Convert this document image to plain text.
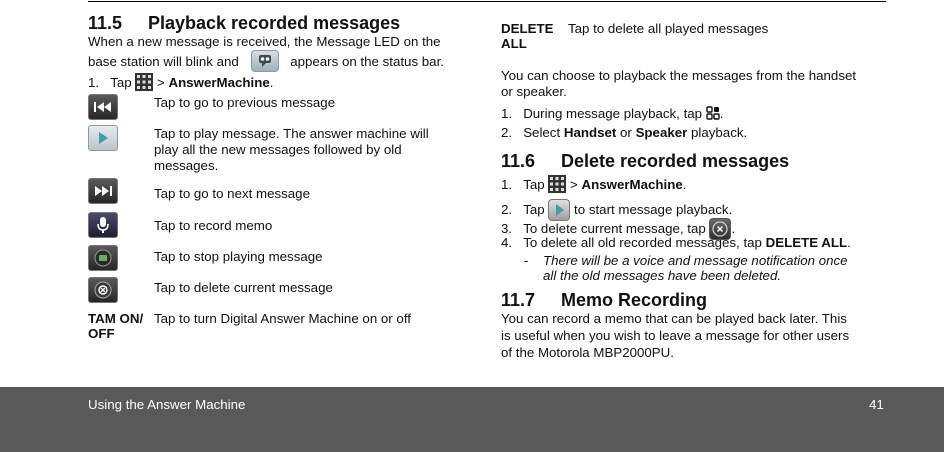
11.5 Playback recorded messages
When a new message is received, the Message LED on the
base station will blink and	appears on the status bar.
1. Tap > AnswerMachine.
Tap to go to previous message
Tap to play message. The answer machine will
play all the new messages followed by old
messages.
Tap to go to next message
Tap to record memo
Tap to stop playing message
Tap to delete current message
TAM ON/
OFF
Tap to turn Digital Answer Machine on or off
DELETE
ALL
Tap to delete all played messages
You can choose to playback the messages from the handset
or speaker.
1. During message playback, tap .
2. Select Handset or Speaker playback.
11.6 Delete recorded messages
1. Tap > AnswerMachine.
2. Tap to start message playback.
3. To delete current message, tap .
4. To delete all old recorded messages, tap DELETE ALL.
- There will be a voice and message notification once
all the old messages have been deleted.
11.7 Memo Recording
You can record a memo that can be played back later. This
is useful when you wish to leave a message for other users
of the Motorola MBP2000PU.
Using the Answer Machine	41
